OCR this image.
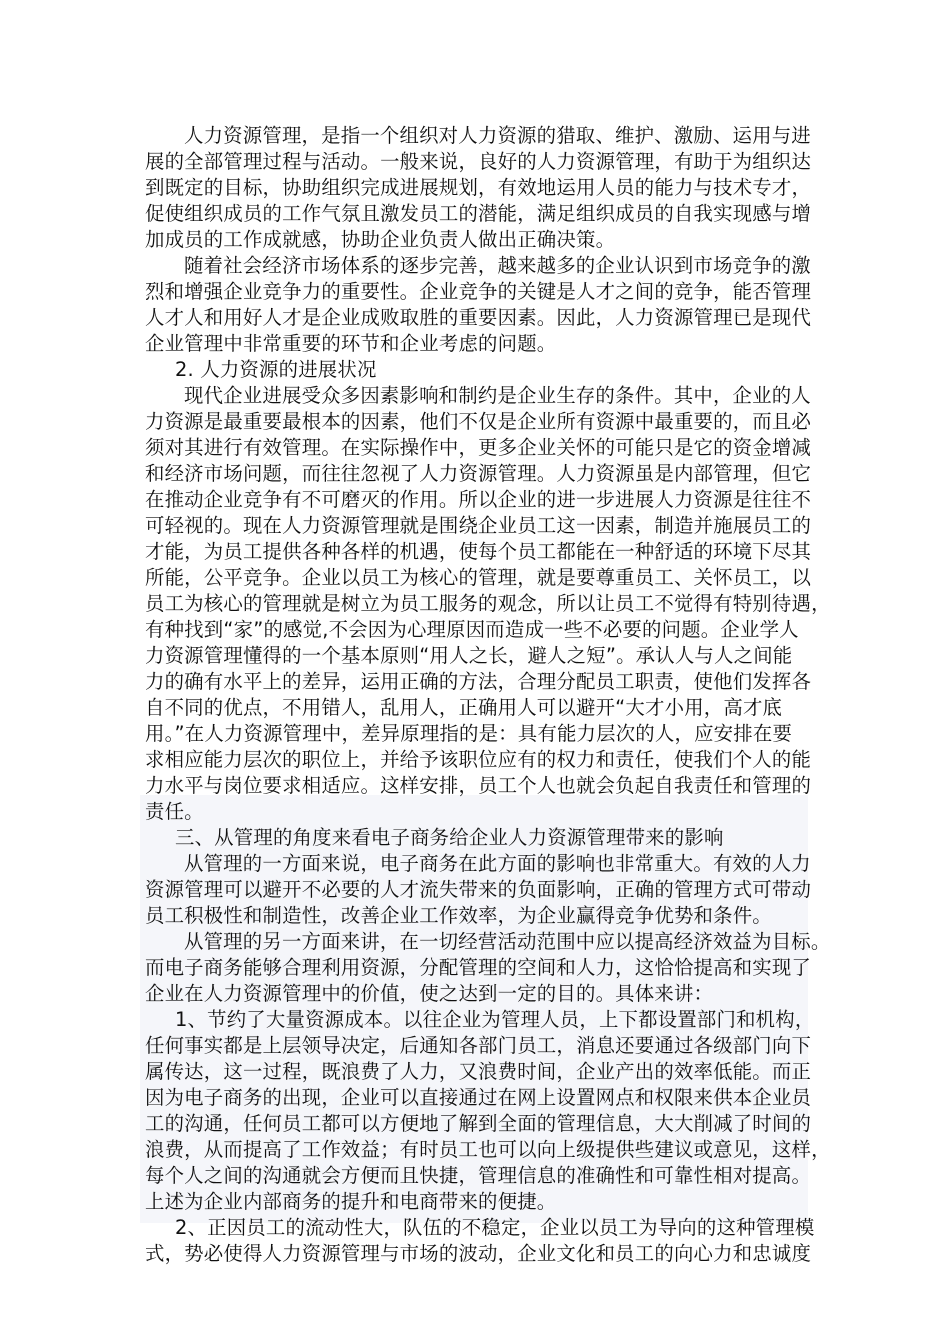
人力资源管理，是指一个组织对人力资源的猎取、维护、激励、运用与进
展的全部管理过程与活动。一般来说，良好的人力资源管理，有助于为组织达
到既定的目标，协助组织完成进展规划，有效地运用人员的能力与技术专才，
促使组织成员的工作气氛且激发员工的潜能，满足组织成员的自我实现感与增
加成员的工作成就感，协助企业负责人做出正确决策。
随着社会经济市场体系的逐步完善，越来越多的企业认识到市场竞争的激
烈和增强企业竞争力的重要性。企业竞争的关键是人才之间的竞争，能否管理
人才人和用好人才是企业成败取胜的重要因素。因此，人力资源管理已是现代
企业管理中非常重要的环节和企业考虑的问题。
2. 人力资源的进展状况
现代企业进展受众多因素影响和制约是企业生存的条件。其中，企业的人
力资源是最重要最根本的因素，他们不仅是企业所有资源中最重要的，而且必
须对其进行有效管理。在实际操作中，更多企业关怀的可能只是它的资金增减
和经济市场问题，而往往忽视了人力资源管理。人力资源虽是内部管理，但它
在推动企业竞争有不可磨灭的作用。所以企业的进一步进展人力资源是往往不
可轻视的。现在人力资源管理就是围绕企业员工这一因素，制造并施展员工的
才能，为员工提供各种各样的机遇，使每个员工都能在一种舒适的环境下尽其
所能，公平竞争。企业以员工为核心的管理，就是要尊重员工、关怀员工，以
员工为核心的管理就是树立为员工服务的观念，所以让员工不觉得有特别待遇，
有种找到“家”的感觉,不会因为心理原因而造成一些不必要的问题。企业学人
力资源管理懂得的一个基本原则“用人之长，避人之短”。承认人与人之间能
力的确有水平上的差异，运用正确的方法，合理分配员工职责，使他们发挥各
自不同的优点，不用错人，乱用人，正确用人可以避开“大才小用，高才底
用。”在人力资源管理中，差异原理指的是：具有能力层次的人，应安排在要
求相应能力层次的职位上，并给予该职位应有的权力和责任，使我们个人的能
力水平与岗位要求相适应。这样安排，员工个人也就会负起自我责任和管理的
责任。
三、从管理的角度来看电子商务给企业人力资源管理带来的影响
从管理的一方面来说，电子商务在此方面的影响也非常重大。有效的人力
资源管理可以避开不必要的人才流失带来的负面影响，正确的管理方式可带动
员工积极性和制造性，改善企业工作效率，为企业赢得竞争优势和条件。
从管理的另一方面来讲，在一切经营活动范围中应以提高经济效益为目标。
而电子商务能够合理利用资源，分配管理的空间和人力，这恰恰提高和实现了
企业在人力资源管理中的价值，使之达到一定的目的。具体来讲：
1、节约了大量资源成本。以往企业为管理人员，上下都设置部门和机构，
任何事实都是上层领导决定，后通知各部门员工，消息还要通过各级部门向下
属传达，这一过程，既浪费了人力，又浪费时间，企业产出的效率低能。而正
因为电子商务的出现，企业可以直接通过在网上设置网点和权限来供本企业员
工的沟通，任何员工都可以方便地了解到全面的管理信息，大大削减了时间的
浪费，从而提高了工作效益；有时员工也可以向上级提供些建议或意见，这样，
每个人之间的沟通就会方便而且快捷，管理信息的准确性和可靠性相对提高。
上述为企业内部商务的提升和电商带来的便捷。
2、正因员工的流动性大，队伍的不稳定，企业以员工为导向的这种管理模
式，势必使得人力资源管理与市场的波动，企业文化和员工的向心力和忠诚度
